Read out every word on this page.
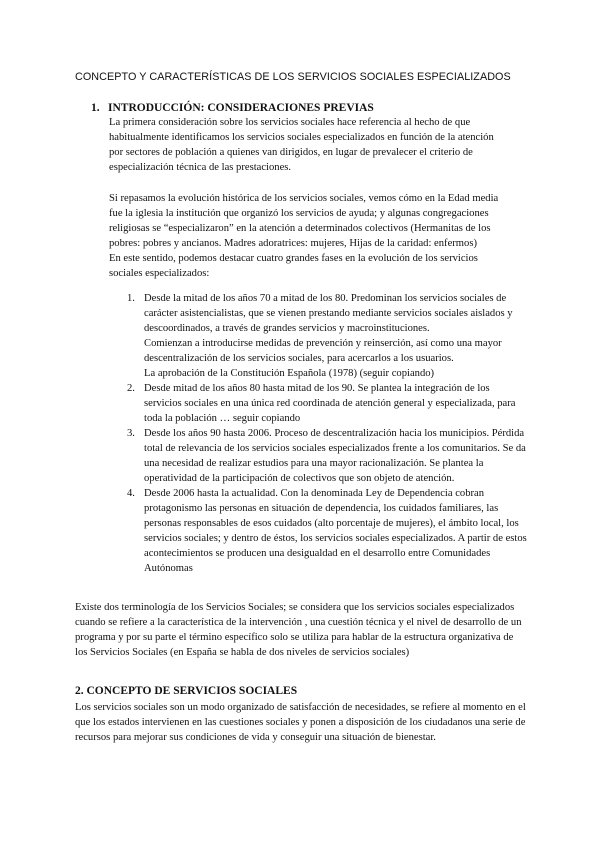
CONCEPTO Y CARACTERÍSTICAS DE LOS SERVICIOS SOCIALES ESPECIALIZADOS
1. INTRODUCCIÓN: CONSIDERACIONES PREVIAS

La primera consideración sobre los servicios sociales hace referencia al hecho de que habitualmente identificamos los servicios sociales especializados en función de la atención por sectores de población a quienes van dirigidos, en lugar de prevalecer el criterio de especialización técnica de las prestaciones.

Si repasamos la evolución histórica de los servicios sociales, vemos cómo en la Edad media fue la iglesia la institución que organizó los servicios de ayuda; y algunas congregaciones religiosas se “especializaron” en la atención a determinados colectivos (Hermanitas de los pobres: pobres y ancianos. Madres adoratrices: mujeres, Hijas de la caridad: enfermos)

En este sentido, podemos destacar cuatro grandes fases en la evolución de los servicios sociales especializados:

1. Desde la mitad de los años 70 a mitad de los 80. Predominan los servicios sociales de carácter asistencialistas, que se vienen prestando mediante servicios sociales aislados y descoordinados, a través de grandes servicios y macroinstituciones.
Comienzan a introducirse medidas de prevención y reinserción, así como una mayor descentralización de los servicios sociales, para acercarlos a los usuarios.
La aprobación de la Constitución Española (1978) (seguir copiando)
2. Desde mitad de los años 80 hasta mitad de los 90. Se plantea la integración de los servicios sociales en una única red coordinada de atención general y especializada, para toda la población … seguir copiando
3. Desde los años 90 hasta 2006. Proceso de descentralización hacia los municipios. Pérdida total de relevancia de los servicios sociales especializados frente a los comunitarios. Se da una necesidad de realizar estudios para una mayor racionalización. Se plantea la operatividad de la participación de colectivos que son objeto de atención.
4. Desde 2006 hasta la actualidad. Con la denominada Ley de Dependencia cobran protagonismo las personas en situación de dependencia, los cuidados familiares, las personas responsables de esos cuidados (alto porcentaje de mujeres), el ámbito local, los servicios sociales; y dentro de éstos, los servicios sociales especializados. A partir de estos acontecimientos se producen una desigualdad en el desarrollo entre Comunidades Autónomas

Existe dos terminología de los Servicios Sociales; se considera que los servicios sociales especializados cuando se refiere a la característica de la intervención , una cuestión técnica y el nivel de desarrollo de un programa y por su parte el término específico solo se utiliza para hablar de la estructura organizativa de los Servicios Sociales (en España se habla de dos niveles de servicios sociales)

2. CONCEPTO DE SERVICIOS SOCIALES

Los servicios sociales son un modo organizado de satisfacción de necesidades, se refiere al momento en el que los estados intervienen en las cuestiones sociales y ponen a disposición de los ciudadanos una serie de recursos para mejorar sus condiciones de vida y conseguir una situación de bienestar.
